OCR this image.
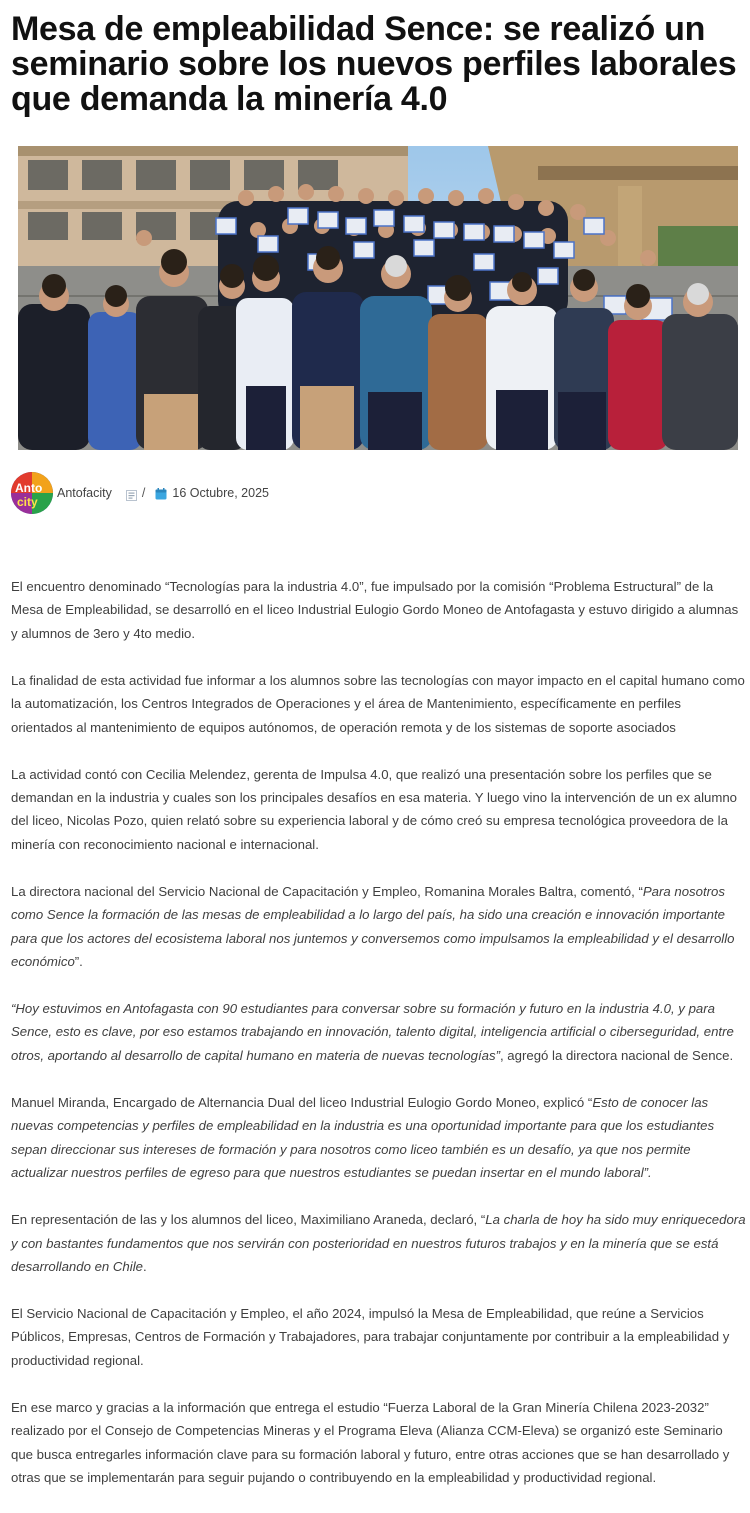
Mesa de empleabilidad Sence: se realizó un seminario sobre los nuevos perfiles laborales que demanda la minería 4.0
Anto
city
Antofacity / 16 Octubre, 2025

El encuentro denominado “Tecnologías para la industria 4.0”, fue impulsado por la comisión “Problema Estructural” de la Mesa de Empleabilidad, se desarrolló en el liceo Industrial Eulogio Gordo Moneo de Antofagasta y estuvo dirigido a alumnas y alumnos de 3ero y 4to medio.

La finalidad de esta actividad fue informar a los alumnos sobre las tecnologías con mayor impacto en el capital humano como la automatización, los Centros Integrados de Operaciones y el área de Mantenimiento, específicamente en perfiles orientados al mantenimiento de equipos autónomos, de operación remota y de los sistemas de soporte asociados

La actividad contó con Cecilia Melendez, gerenta de Impulsa 4.0, que realizó una presentación sobre los perfiles que se demandan en la industria y cuales son los principales desafíos en esa materia. Y luego vino la intervención de un ex alumno del liceo, Nicolas Pozo, quien relató sobre su experiencia laboral y de cómo creó su empresa tecnológica proveedora de la minería con reconocimiento nacional e internacional.

La directora nacional del Servicio Nacional de Capacitación y Empleo, Romanina Morales Baltra, comentó, “Para nosotros como Sence la formación de las mesas de empleabilidad a lo largo del país, ha sido una creación e innovación importante para que los actores del ecosistema laboral nos juntemos y conversemos como impulsamos la empleabilidad y el desarrollo económico”.

“Hoy estuvimos en Antofagasta con 90 estudiantes para conversar sobre su formación y futuro en la industria 4.0, y para Sence, esto es clave, por eso estamos trabajando en innovación, talento digital, inteligencia artificial o ciberseguridad, entre otros, aportando al desarrollo de capital humano en materia de nuevas tecnologías”, agregó la directora nacional de Sence.

Manuel Miranda, Encargado de Alternancia Dual del liceo Industrial Eulogio Gordo Moneo, explicó “Esto de conocer las nuevas competencias y perfiles de empleabilidad en la industria es una oportunidad importante para que los estudiantes sepan direccionar sus intereses de formación y para nosotros como liceo también es un desafío, ya que nos permite actualizar nuestros perfiles de egreso para que nuestros estudiantes se puedan insertar en el mundo laboral”.

En representación de las y los alumnos del liceo, Maximiliano Araneda, declaró, “La charla de hoy ha sido muy enriquecedora y con bastantes fundamentos que nos servirán con posterioridad en nuestros futuros trabajos y en la minería que se está desarrollando en Chile.

El Servicio Nacional de Capacitación y Empleo, el año 2024, impulsó la Mesa de Empleabilidad, que reúne a Servicios Públicos, Empresas, Centros de Formación y Trabajadores, para trabajar conjuntamente por contribuir a la empleabilidad y productividad regional.

En ese marco y gracias a la información que entrega el estudio “Fuerza Laboral de la Gran Minería Chilena 2023-2032” realizado por el Consejo de Competencias Mineras y el Programa Eleva (Alianza CCM-Eleva) se organizó este Seminario que busca entregarles información clave para su formación laboral y futuro, entre otras acciones que se han desarrollado y otras que se implementarán para seguir pujando o contribuyendo en la empleabilidad y productividad regional.
